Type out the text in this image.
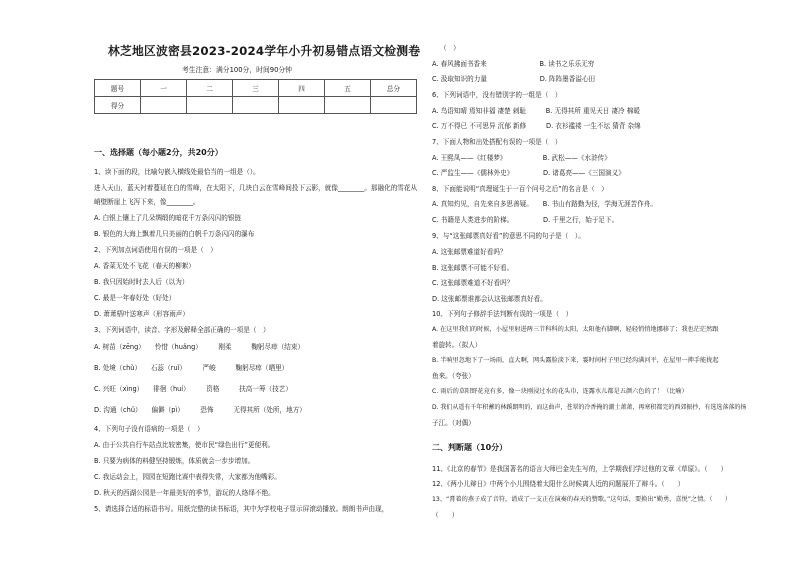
林芝地区波密县2023-2024学年小升初易错点语文检测卷
考生注意：满分100分，时间90分钟
题号	一	二	三	四	五	总分
得分						
一、选择题（每小题2分，共20分）
1、读下面的段，比喻句嵌入横线处最恰当的一组是（）。
进入天山，蓝天衬着蔓延在白的雪峰，在太阳下，几块白云在雪峰间投下云影，就像________。那融化的雪花从
峭壁断崖上飞泻下来，像________。
A. 白银上镶上了几朵绸缎的暗花千万条闪闪的银链
B. 银色的大海上飘着几只美丽的白帆千万条闪闪的瀑布
2、下列加点词语使用有误的一项是（　）
A. 香菜无处不飞花（春天的柳絮）
B. 我只因始时时去人后（以为）
C. 最是一年春好处（好处）
D. 萧萧梧叶送寒声（形容雨声）
3、下列词语中，读音、字形及解释全部正确的一项是（　）
A. 树苗（zēng）　　怜惜（huǎng）　　　刚柔　　　鞠躬尽瘁（结束）
B. 处境（chǔ）　　石蕊（ruǐ）　　　严峻　　　鞠躬尽瘁（晒里）
C. 兴旺（xìng）　　徘徊（huí）　　　资格　　　扶高一筹（技艺）
D. 沟通（chǔ）　　偏僻（pì）　　　恐怖　　　无得其所（处所，地方）
4、下列句子没有语病的一项是（　）
A. 由于公共自行车站点比较密集，使市民“绿色出行”更便利。
B. 只要为病体的料健坚持锻炼，体质就会一步步增加。
C. 我运动会上，园园在短跑比赛中表得失常，大家都为他嘴彩。
D. 秋天的西湖公园是一年最美好的季节，游玩的人络绎不绝。
5、请选择合适的标语书写。用纸完整的读书标语，其中为学校电子显示屏滚动播放。朗朗书声由现，
（　）
A. 春风拂面书香来　　　　　　　　B. 读书之乐乐无穷
C. 汲取知识的力量　　　　　　　　D. 阵阵墨香溢心田
6、下列词语中，没有错别字的一组是（　）
A. 鸟语知晴 焉知非福 凄楚 刺耻　　　B. 无得其所 重见天日 凄冷 棉暖
C. 万不得已 不可思异 沉郁 新修　　　D. 衣衫褴褛 一生不坛 猜背 杂绵
7、下面人物和出处搭配有误的一项是（　）
A. 王熙凤——《红楼梦》　　　　　　B. 武松——《水浒传》
C. 严监生——《儒林外史》　　　　　D. 诸葛亮——《三国演义》
8、下面能说明“真理诞生于一百个问号之后”的名言是（　）
A. 真知灼见，自先来自多思善疑。　　B. 书山有路勤为径，学海无涯苦作舟。
C. 书籍是人类进步的阶梯。　　　　　D. 千里之行，始于足下。
9、与“这张邮票真好看”的意思不同的句子是（　）。
A. 这张邮票难道好看吗？
B. 这张邮票不可能不好看。
C. 这张邮票难道不好看吗？
D. 这张邮票谁都会认这张邮票真好看。
10、下列句子修辞手法判断有误的一项是（　）
A. 在这里我们的时候，小屋里射进两三节科科的太阳，太阳他有脚啊，轻轻悄悄地挪移了；我也茫茫然跟
着旋转。（拟人）
B. 半响里忽地下了一场雨，直大啊，网头露脸淡下来，霎时间村子里已经沟满河平，在屋里一抻手能拢起
鱼来。（夸张）
C. 雨后的草阳野花竟有多，像一块刚浸过水的花头巾，连露水儿都是五颜六色的了！（比喻）
D. 我们从遥有千年积蓄的林蹊朗明的，而这曲声，苍翠的冷香掩的潮土萧萧，再寒积都完的西郊振抄，有选选落落的扬
子江。（对偶）
二、判断题（10分）
11、《北京的春节》是我国著名的语言大师巴金先生写的，上学期我们学过他的文章《草原》。（　　）
12、《两小儿辩日》中两个小儿围绕着太阳什么时候离人近的问题展开了辩斗。（　　）
13、“膏着的燕子成了音符，谱成了一支正在演奏的春天的赞歌。”这句话，要换出“勤勇、喜悦”之情。（　　）
（　　）
